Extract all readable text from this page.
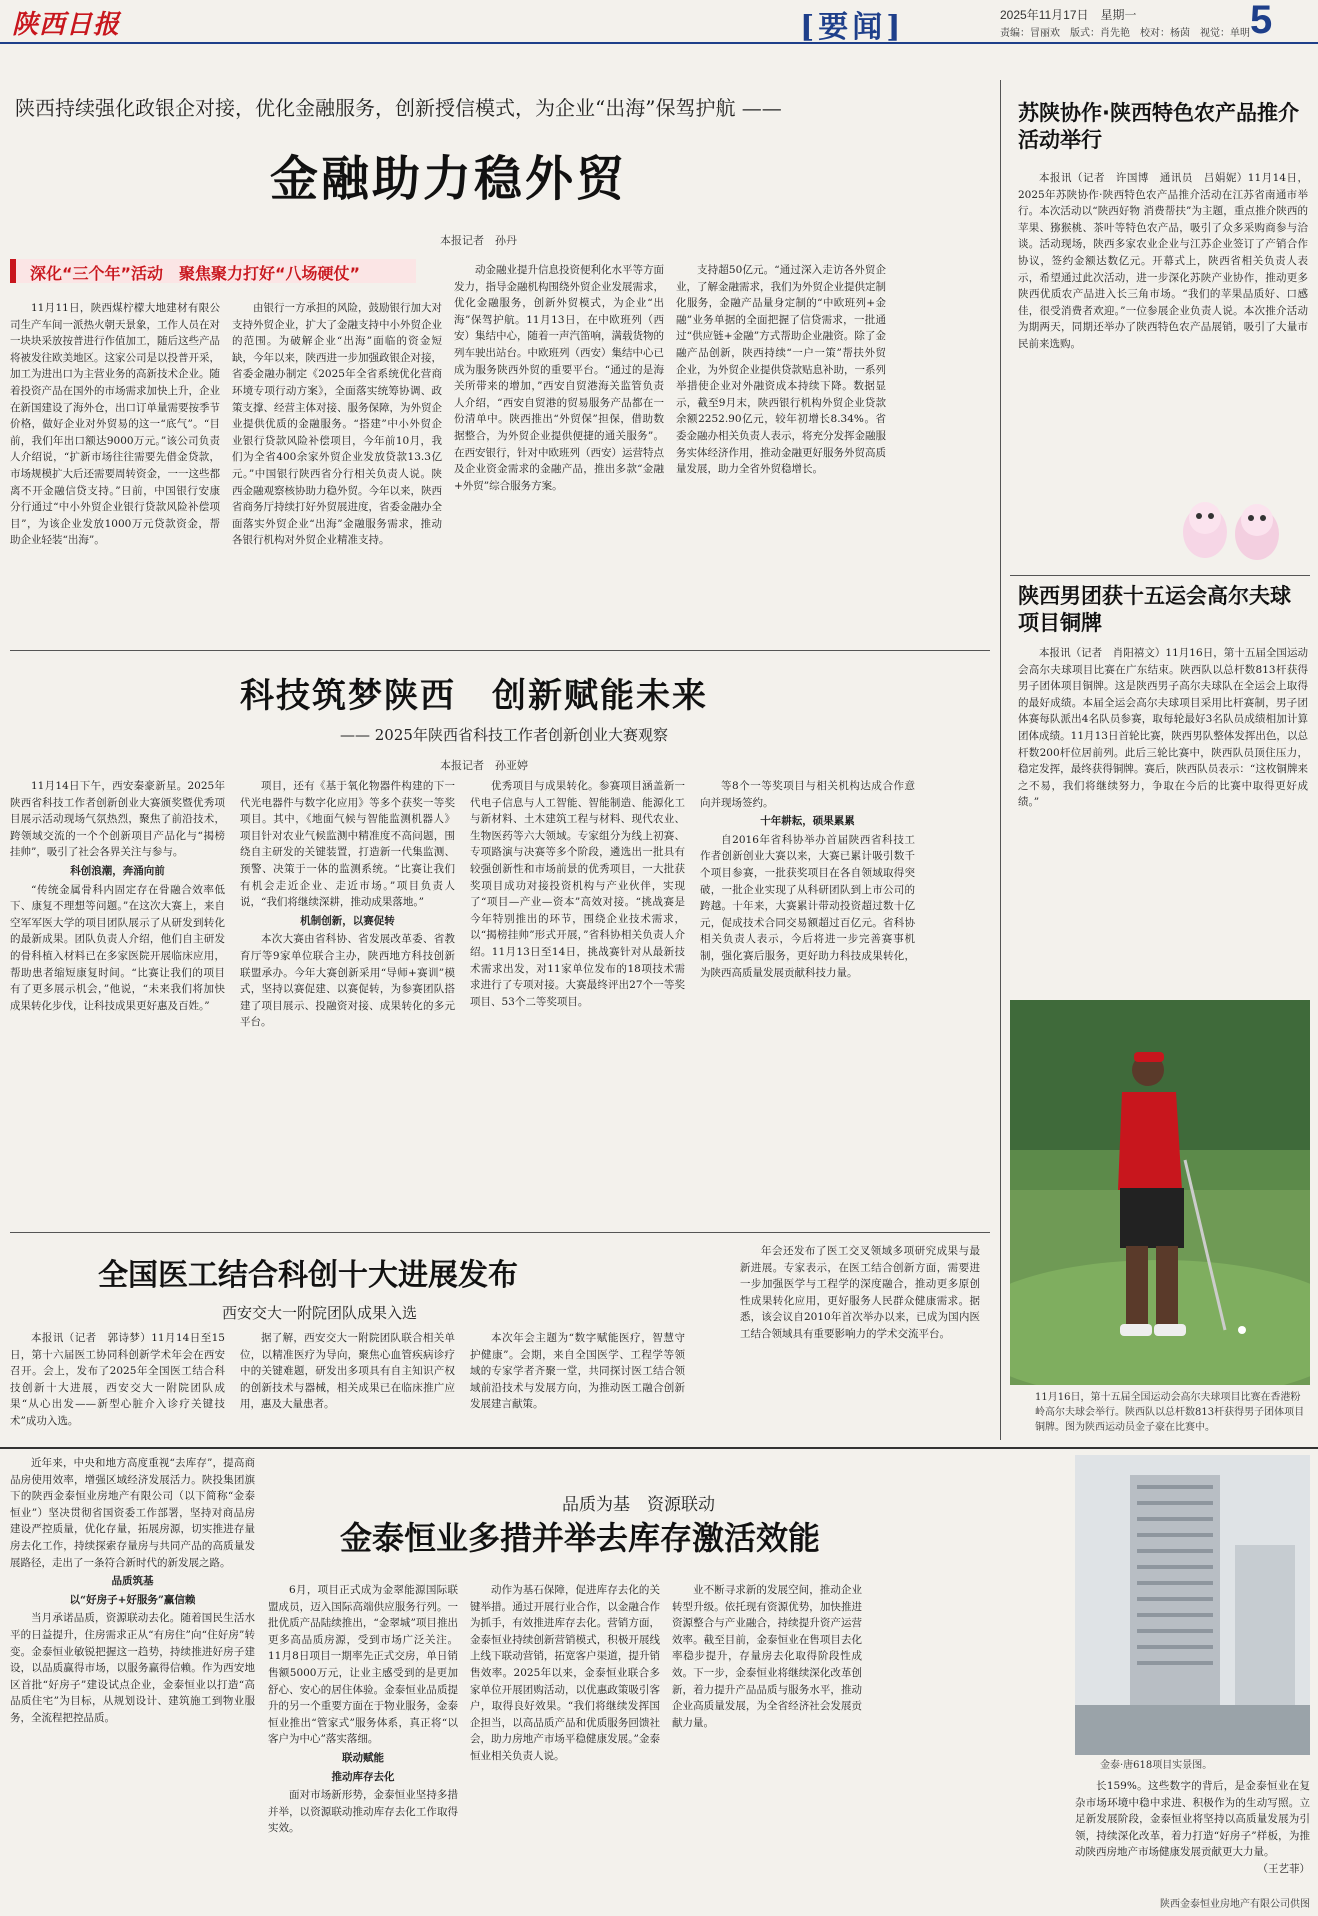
陕西日报	[要闻]	2025年11月17日　星期一
责编：冒丽欢　版式：肖先艳　校对：杨茵　视觉：单明 5
陕西持续强化政银企对接，优化金融服务，创新授信模式，为企业“出海”保驾护航 ——
金融助力稳外贸
本报记者　孙丹
深化“三个年”活动　聚焦聚力打好“八场硬仗”

11月11日，陕西煤柠檬大地建材有限公司生产车间一派热火朝天景象，工作人员在对一块块采放按普进行作值加工，随后这些产品将被发往欧美地区。这家公司是以投普开采，加工为进出口为主营业务的高新技术企业。随着投资产品在国外的市场需求加快上升，企业在新国建设了海外仓，出口订单量需要按季节价格，做好企业对外贸易的这一“底气”。“目前，我们年出口额达9000万元。”该公司负责人介绍说，“扩新市场往往需要先借金贷款，市场规模扩大后还需要周转资金，一一这些都离不开金融信贷支持。”日前，中国银行安康分行通过“中小外贸企业银行贷款风险补偿项目”，为该企业发放1000万元贷款资金，帮助企业轻装“出海”。

由银行一方承担的风险，鼓励银行加大对支持外贸企业，扩大了金融支持中小外贸企业的范围。为破解企业“出海”面临的资金短缺，今年以来，陕西进一步加强政银企对接，省委金融办制定《2025年全省系统优化营商环境专项行动方案》，全面落实统筹协调、政策支撑、经营主体对接、服务保障，为外贸企业提供优质的金融服务。“搭建”中小外贸企业银行贷款风险补偿项目，今年前10月，我们为全省400余家外贸企业发放贷款13.3亿元。”中国银行陕西省分行相关负责人说。陕西金融观察核协助力稳外贸。今年以来，陕西省商务厅持续打好外贸展进度，省委金融办全面落实外贸企业“出海”金融服务需求，推动各银行机构对外贸企业精准支持。

动金融业提升信息投资便利化水平等方面发力，指导金融机构围绕外贸企业发展需求，优化金融服务，创新外贸模式，为企业“出海”保驾护航。11月13日，在中欧班列（西安）集结中心，随着一声汽笛响，满载货物的列车驶出站台。中欧班列（西安）集结中心已成为服务陕西外贸的重要平台。“通过的是海关所带来的增加，”西安自贸港海关监管负责人介绍，“西安自贸港的贸易服务产品都在一份清单中。陕西推出“外贸保”担保，借助数据整合，为外贸企业提供便捷的通关服务”。在西安银行，针对中欧班列（西安）运营特点及企业资金需求的金融产品，推出多款“金融+外贸”综合服务方案。

支持超50亿元。“通过深入走访各外贸企业，了解金融需求，我们为外贸企业提供定制化服务，金融产品量身定制的“中欧班列+金融”业务单据的全面把握了信贷需求，一批通过“供应链+金融”方式帮助企业融资。除了金融产品创新，陕西持续“一户一策”帮扶外贸企业，为外贸企业提供贷款贴息补助，一系列举措使企业对外融资成本持续下降。数据显示，截至9月末，陕西银行机构外贸企业贷款余额2252.90亿元，较年初增长8.34%。省委金融办相关负责人表示，将充分发挥金融服务实体经济作用，推动金融更好服务外贸高质量发展，助力全省外贸稳增长。

科技筑梦陕西　创新赋能未来
—— 2025年陕西省科技工作者创新创业大赛观察
本报记者　孙亚婷

11月14日下午，西安秦豪新星。2025年陕西省科技工作者创新创业大赛颁奖暨优秀项目展示活动现场气氛热烈，聚焦了前沿技术，跨领域交流的一个个创新项目产品化与“揭榜挂帅”，吸引了社会各界关注与参与。

科创浪潮，奔涌向前

“传统金属骨科内固定存在骨融合效率低下、康复不理想等问题。”在这次大赛上，来自空军军医大学的项目团队展示了从研发到转化的最新成果。团队负责人介绍，他们自主研发的骨科植入材料已在多家医院开展临床应用，帮助患者缩短康复时间。“比赛让我们的项目有了更多展示机会，”他说，“未来我们将加快成果转化步伐，让科技成果更好惠及百姓。”

项目，还有《基于氧化物器件构建的下一代光电器件与数字化应用》等多个获奖一等奖项目。其中，《地面气候与智能监测机器人》项目针对农业气候监测中精准度不高问题，围绕自主研发的关键装置，打造新一代集监测、预警、决策于一体的监测系统。“比赛让我们有机会走近企业、走近市场。”项目负责人说，“我们将继续深耕，推动成果落地。”

机制创新，以赛促转

本次大赛由省科协、省发展改革委、省教育厅等9家单位联合主办，陕西地方科技创新联盟承办。今年大赛创新采用“导师+赛训”模式，坚持以赛促建、以赛促转，为参赛团队搭建了项目展示、投融资对接、成果转化的多元平台。

优秀项目与成果转化。参赛项目涵盖新一代电子信息与人工智能、智能制造、能源化工与新材料、土木建筑工程与材料、现代农业、生物医药等六大领域。专家组分为线上初赛、专项路演与决赛等多个阶段，遴选出一批具有较强创新性和市场前景的优秀项目，一大批获奖项目成功对接投资机构与产业伙伴，实现了“项目—产业—资本”高效对接。“挑战赛是今年特别推出的环节，围绕企业技术需求，以“揭榜挂帅”形式开展，”省科协相关负责人介绍。11月13日至14日，挑战赛针对从最新技术需求出发，对11家单位发布的18项技术需求进行了专项对接。大赛最终评出27个一等奖项目、53个二等奖项目。

等8个一等奖项目与相关机构达成合作意向并现场签约。

十年耕耘，硕果累累

自2016年省科协举办首届陕西省科技工作者创新创业大赛以来，大赛已累计吸引数千个项目参赛，一批获奖项目在各自领域取得突破，一批企业实现了从科研团队到上市公司的跨越。十年来，大赛累计带动投资超过数十亿元，促成技术合同交易额超过百亿元。省科协相关负责人表示，今后将进一步完善赛事机制，强化赛后服务，更好助力科技成果转化，为陕西高质量发展贡献科技力量。

全国医工结合科创十大进展发布
西安交大一附院团队成果入选

本报讯（记者　郭诗梦）11月14日至15日，第十六届医工协同科创新学术年会在西安召开。会上，发布了2025年全国医工结合科技创新十大进展，西安交大一附院团队成果“从心出发——新型心脏介入诊疗关键技术”成功入选。

据了解，西安交大一附院团队联合相关单位，以精准医疗为导向，聚焦心血管疾病诊疗中的关键难题，研发出多项具有自主知识产权的创新技术与器械，相关成果已在临床推广应用，惠及大量患者。

本次年会主题为“数字赋能医疗，智慧守护健康”。会期，来自全国医学、工程学等领域的专家学者齐聚一堂，共同探讨医工结合领域前沿技术与发展方向，为推动医工融合创新发展建言献策。

年会还发布了医工交叉领域多项研究成果与最新进展。专家表示，在医工结合创新方面，需要进一步加强医学与工程学的深度融合，推动更多原创性成果转化应用，更好服务人民群众健康需求。据悉，该会议自2010年首次举办以来，已成为国内医工结合领域具有重要影响力的学术交流平台。

苏陕协作·陕西特色农产品推介活动举行

本报讯（记者　许国博　通讯员　吕娟妮）11月14日，2025年苏陕协作·陕西特色农产品推介活动在江苏省南通市举行。本次活动以“陕西好物 消费帮扶”为主题，重点推介陕西的苹果、猕猴桃、茶叶等特色农产品，吸引了众多采购商参与洽谈。活动现场，陕西多家农业企业与江苏企业签订了产销合作协议，签约金额达数亿元。开幕式上，陕西省相关负责人表示，希望通过此次活动，进一步深化苏陕产业协作，推动更多陕西优质农产品进入长三角市场。“我们的苹果品质好、口感佳，很受消费者欢迎。”一位参展企业负责人说。本次推介活动为期两天，同期还举办了陕西特色农产品展销，吸引了大量市民前来选购。

陕西男团获十五运会高尔夫球项目铜牌

本报讯（记者　肖阳禧文）11月16日，第十五届全国运动会高尔夫球项目比赛在广东结束。陕西队以总杆数813杆获得男子团体项目铜牌。这是陕西男子高尔夫球队在全运会上取得的最好成绩。本届全运会高尔夫球项目采用比杆赛制，男子团体赛每队派出4名队员参赛，取每轮最好3名队员成绩相加计算团体成绩。11月13日首轮比赛，陕西男队整体发挥出色，以总杆数200杆位居前列。此后三轮比赛中，陕西队员顶住压力，稳定发挥，最终获得铜牌。赛后，陕西队员表示：“这枚铜牌来之不易，我们将继续努力，争取在今后的比赛中取得更好成绩。”

11月16日，第十五届全国运动会高尔夫球项目比赛在香港粉岭高尔夫球会举行。陕西队以总杆数813杆获得男子团体项目铜牌。图为陕西运动员金子豪在比赛中。

近年来，中央和地方高度重视“去库存”，提高商品房使用效率，增强区域经济发展活力。陕投集团旗下的陕西金泰恒业房地产有限公司（以下简称“金泰恒业”）坚决贯彻省国资委工作部署，坚持对商品房建设严控质量，优化存量，拓展房源，切实推进存量房去化工作，持续探索存量房与共同产品的高质量发展路径，走出了一条符合新时代的新发展之路。

品质筑基

以“好房子+好服务”赢信赖

当月承诺品质，资源联动去化。随着国民生活水平的日益提升，住房需求正从“有房住”向“住好房”转变。金泰恒业敏锐把握这一趋势，持续推进好房子建设，以品质赢得市场，以服务赢得信赖。作为西安地区首批“好房子”建设试点企业，金泰恒业以打造“高品质住宅”为目标，从规划设计、建筑施工到物业服务，全流程把控品质。

品质为基　资源联动
金泰恒业多措并举去库存激活效能

6月，项目正式成为金翠能源国际联盟成员，迈入国际高端供应服务行列。一批优质产品陆续推出，“金翠城”项目推出更多高品质房源，受到市场广泛关注。11月8日项目一期率先正式交房，单日销售额5000万元，让业主感受到的是更加舒心、安心的居住体验。金泰恒业品质提升的另一个重要方面在于物业服务，金泰恒业推出“管家式”服务体系，真正将“以客户为中心”落实落细。

联动赋能

推动库存去化

面对市场新形势，金泰恒业坚持多措并举，以资源联动推动库存去化工作取得实效。

动作为基石保障，促进库存去化的关键举措。通过开展行业合作，以金融合作为抓手，有效推进库存去化。营销方面，金泰恒业持续创新营销模式，积极开展线上线下联动营销，拓宽客户渠道，提升销售效率。2025年以来，金泰恒业联合多家单位开展团购活动，以优惠政策吸引客户，取得良好效果。“我们将继续发挥国企担当，以高品质产品和优质服务回馈社会，助力房地产市场平稳健康发展。”金泰恒业相关负责人说。

业不断寻求新的发展空间，推动企业转型升级。依托现有资源优势，加快推进资源整合与产业融合，持续提升资产运营效率。截至目前，金泰恒业在售项目去化率稳步提升，存量房去化取得阶段性成效。下一步，金泰恒业将继续深化改革创新，着力提升产品品质与服务水平，推动企业高质量发展，为全省经济社会发展贡献力量。

金泰·唐618项目实景图。

长159%。这些数字的背后，是金泰恒业在复杂市场环境中稳中求进、积极作为的生动写照。立足新发展阶段，金泰恒业将坚持以高质量发展为引领，持续深化改革，着力打造“好房子”样板，为推动陕西房地产市场健康发展贡献更大力量。

（王艺菲）

陕西金泰恒业房地产有限公司供图
